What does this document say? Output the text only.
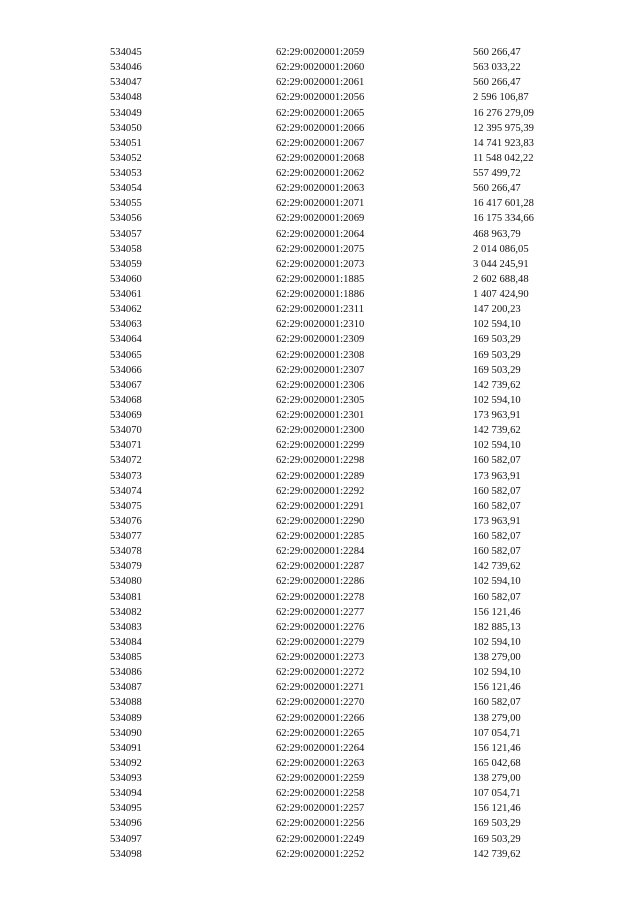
534045	62:29:0020001:2059	560 266,47
534046	62:29:0020001:2060	563 033,22
534047	62:29:0020001:2061	560 266,47
534048	62:29:0020001:2056	2 596 106,87
534049	62:29:0020001:2065	16 276 279,09
534050	62:29:0020001:2066	12 395 975,39
534051	62:29:0020001:2067	14 741 923,83
534052	62:29:0020001:2068	11 548 042,22
534053	62:29:0020001:2062	557 499,72
534054	62:29:0020001:2063	560 266,47
534055	62:29:0020001:2071	16 417 601,28
534056	62:29:0020001:2069	16 175 334,66
534057	62:29:0020001:2064	468 963,79
534058	62:29:0020001:2075	2 014 086,05
534059	62:29:0020001:2073	3 044 245,91
534060	62:29:0020001:1885	2 602 688,48
534061	62:29:0020001:1886	1 407 424,90
534062	62:29:0020001:2311	147 200,23
534063	62:29:0020001:2310	102 594,10
534064	62:29:0020001:2309	169 503,29
534065	62:29:0020001:2308	169 503,29
534066	62:29:0020001:2307	169 503,29
534067	62:29:0020001:2306	142 739,62
534068	62:29:0020001:2305	102 594,10
534069	62:29:0020001:2301	173 963,91
534070	62:29:0020001:2300	142 739,62
534071	62:29:0020001:2299	102 594,10
534072	62:29:0020001:2298	160 582,07
534073	62:29:0020001:2289	173 963,91
534074	62:29:0020001:2292	160 582,07
534075	62:29:0020001:2291	160 582,07
534076	62:29:0020001:2290	173 963,91
534077	62:29:0020001:2285	160 582,07
534078	62:29:0020001:2284	160 582,07
534079	62:29:0020001:2287	142 739,62
534080	62:29:0020001:2286	102 594,10
534081	62:29:0020001:2278	160 582,07
534082	62:29:0020001:2277	156 121,46
534083	62:29:0020001:2276	182 885,13
534084	62:29:0020001:2279	102 594,10
534085	62:29:0020001:2273	138 279,00
534086	62:29:0020001:2272	102 594,10
534087	62:29:0020001:2271	156 121,46
534088	62:29:0020001:2270	160 582,07
534089	62:29:0020001:2266	138 279,00
534090	62:29:0020001:2265	107 054,71
534091	62:29:0020001:2264	156 121,46
534092	62:29:0020001:2263	165 042,68
534093	62:29:0020001:2259	138 279,00
534094	62:29:0020001:2258	107 054,71
534095	62:29:0020001:2257	156 121,46
534096	62:29:0020001:2256	169 503,29
534097	62:29:0020001:2249	169 503,29
534098	62:29:0020001:2252	142 739,62
